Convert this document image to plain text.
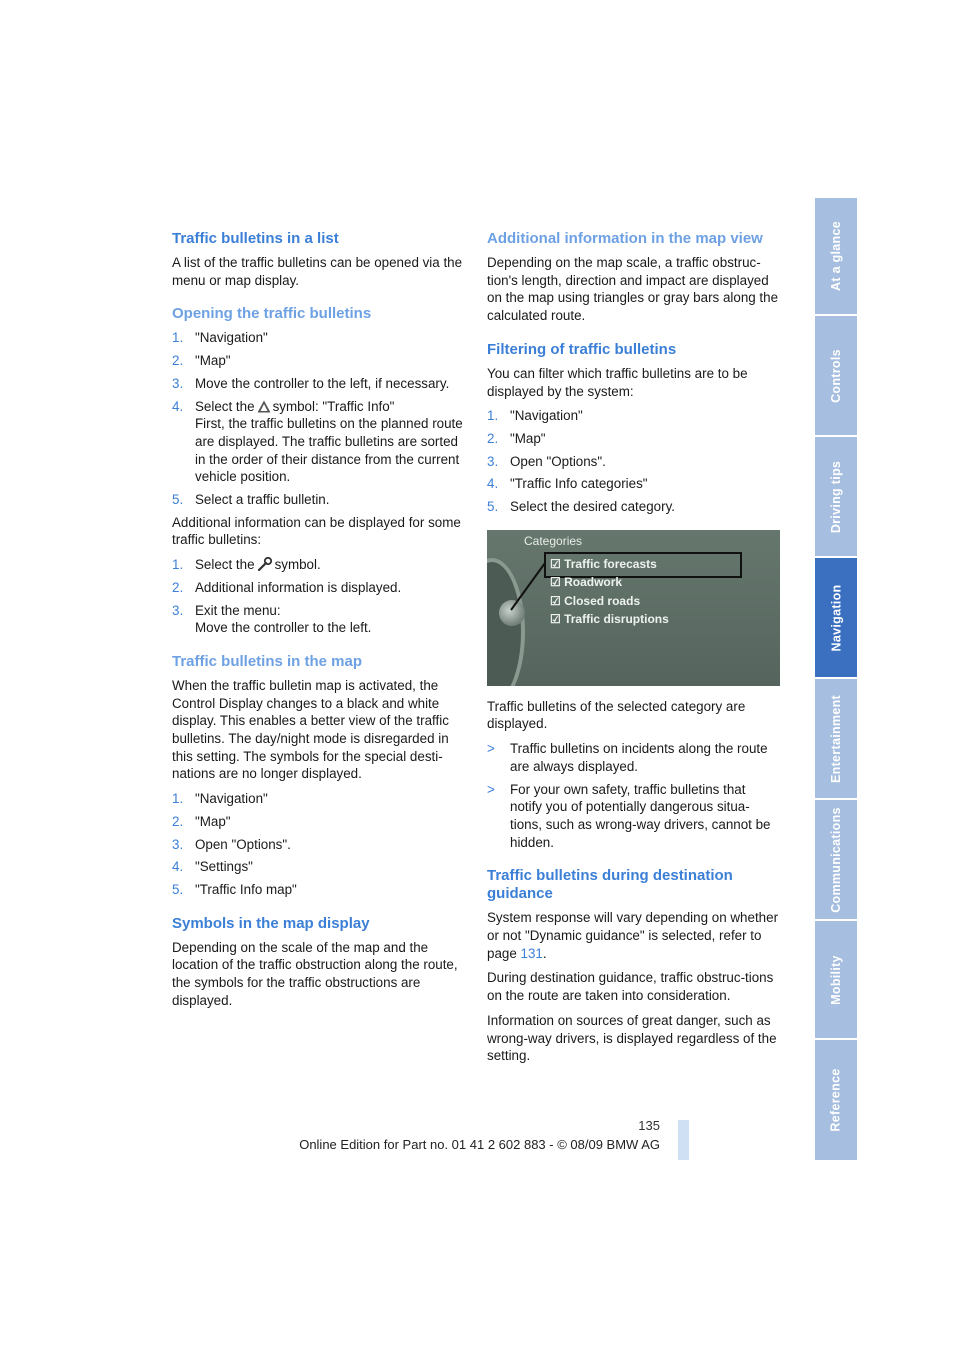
Traffic bulletins in a list

A list of the traffic bulletins can be opened via the menu or map display.

Opening the traffic bulletins
1. "Navigation"
2. "Map"
3. Move the controller to the left, if necessary.
4. Select the symbol: "Traffic Info"
First, the traffic bulletins on the planned route are displayed. The traffic bulletins are sorted in the order of their distance from the current vehicle position.
5. Select a traffic bulletin.

Additional information can be displayed for some traffic bulletins:

1. Select the symbol.
2. Additional information is displayed.
3. Exit the menu:
Move the controller to the left.
Traffic bulletins in the map

When the traffic bulletin map is activated, the Control Display changes to a black and white display. This enables a better view of the traffic bulletins. The day/night mode is disregarded in this setting. The symbols for the special desti-nations are no longer displayed.

1. "Navigation"
2. "Map"
3. Open "Options".
4. "Settings"
5. "Traffic Info map"
Symbols in the map display

Depending on the scale of the map and the location of the traffic obstruction along the route, the symbols for the traffic obstructions are displayed.

Additional information in the map view

Depending on the map scale, a traffic obstruc-tion's length, direction and impact are displayed on the map using triangles or gray bars along the calculated route.

Filtering of traffic bulletins

You can filter which traffic bulletins are to be displayed by the system:

1. "Navigation"
2. "Map"
3. Open "Options".
4. "Traffic Info categories"
5. Select the desired category.
Categories
☑ Traffic forecasts
☑ Roadwork
☑ Closed roads
☑ Traffic disruptions

Traffic bulletins of the selected category are displayed.

> Traffic bulletins on incidents along the route are always displayed.
> For your own safety, traffic bulletins that notify you of potentially dangerous situa-tions, such as wrong-way drivers, cannot be hidden.
Traffic bulletins during destination guidance

System response will vary depending on whether or not "Dynamic guidance" is selected, refer to page 131.

During destination guidance, traffic obstruc-tions on the route are taken into consideration.

Information on sources of great danger, such as wrong-way drivers, is displayed regardless of the setting.

At a glance
Controls
Driving tips
Navigation
Entertainment
Communications
Mobility
Reference
135
Online Edition for Part no. 01 41 2 602 883 - © 08/09 BMW AG
